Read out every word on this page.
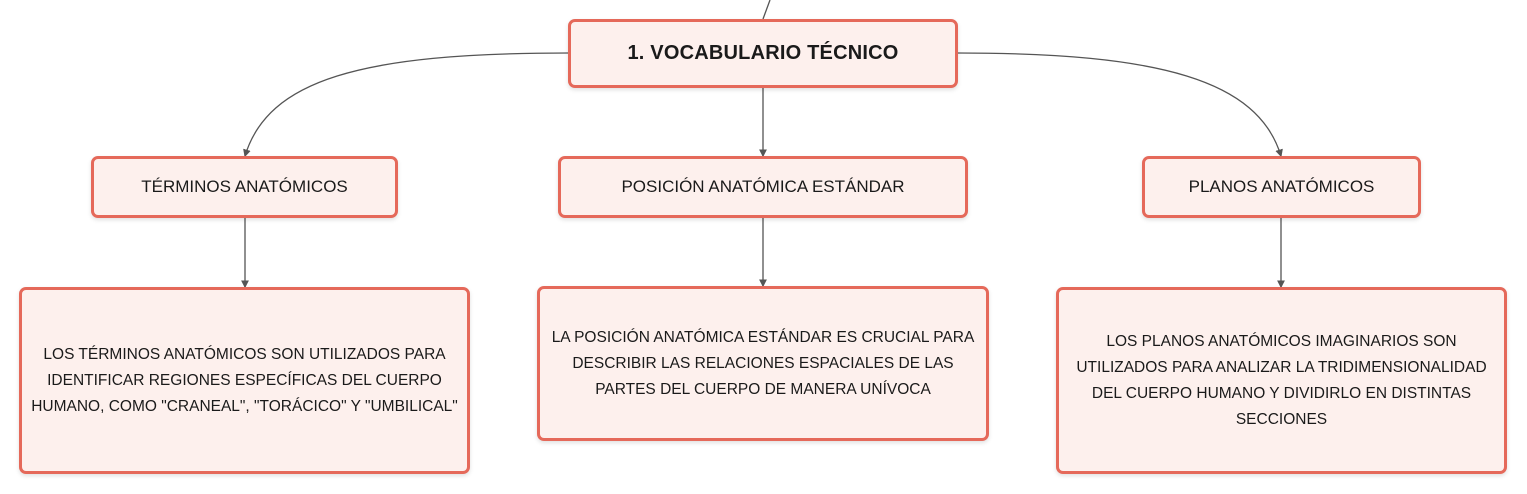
1. VOCABULARIO TÉCNICO
TÉRMINOS ANATÓMICOS	POSICIÓN ANATÓMICA ESTÁNDAR	PLANOS ANATÓMICOS
LOS TÉRMINOS ANATÓMICOS SON UTILIZADOS PARA IDENTIFICAR REGIONES ESPECÍFICAS DEL CUERPO HUMANO, COMO "CRANEAL", "TORÁCICO" Y "UMBILICAL"
LA POSICIÓN ANATÓMICA ESTÁNDAR ES CRUCIAL PARA DESCRIBIR LAS RELACIONES ESPACIALES DE LAS PARTES DEL CUERPO DE MANERA UNÍVOCA
LOS PLANOS ANATÓMICOS IMAGINARIOS SON UTILIZADOS PARA ANALIZAR LA TRIDIMENSIONALIDAD DEL CUERPO HUMANO Y DIVIDIRLO EN DISTINTAS SECCIONES
